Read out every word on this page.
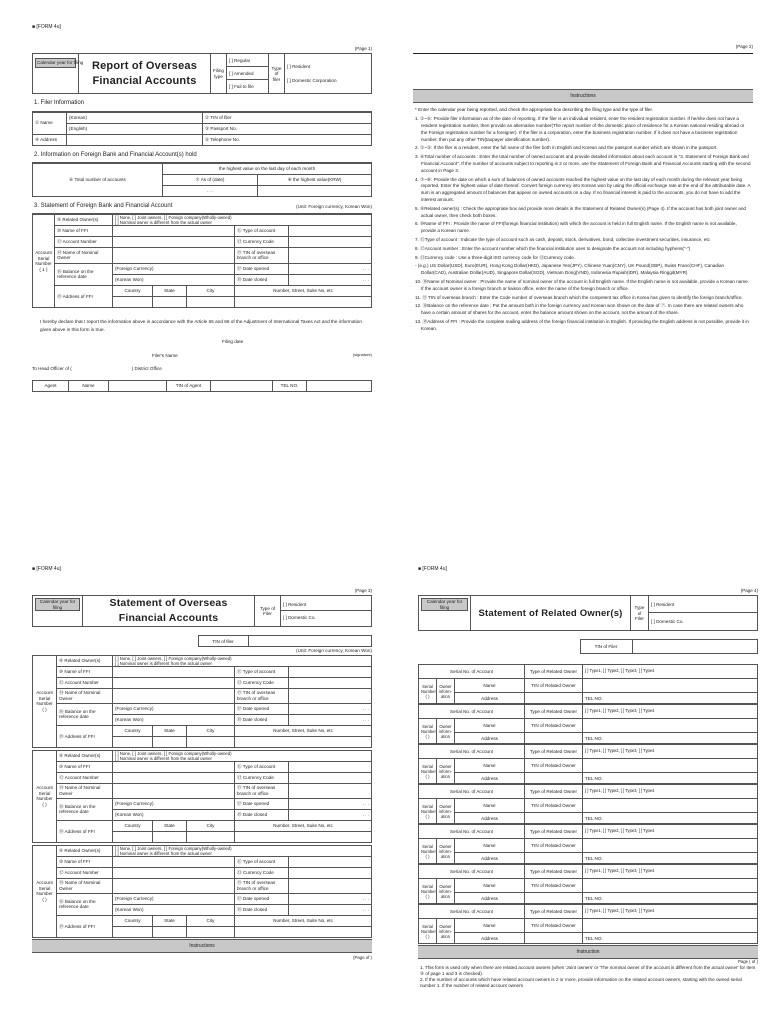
■ [FORM 4u]
(Page 1)
Calendar year for filing	Report of Overseas
Financial Accounts
	Filing type	
[ ] Regular
[ ] Amended
[ ] Fail to file
	Type of filer	
[ ] Resident
[ ] Domestic Corporation
1. Filer Information
① Name	(Korean)	② TIN of filer	
	(English)	③ Passport No.	
④ Address		⑤ Telephone No.	
2. Information on Foreign Bank and Financial Account(s) hold
⑥ Total number of accounts	the highest value on the last day of each month	
	⑦ As of (date)	⑧ the highest value(KRW)
	. . .	
3. Statement of Foreign Bank and Financial Account	(Unit: Foreign currency, Korean Won)
Account Serial Number ( 1 )	⑨ Related Owner(s)	[ ] None, [ ] Joint owners, [ ] Foreign company(Wholly-owned)
[ ] Nominal owner is different from the actual owner				

	⑩ Name of FFI				⑪ Type of account	
	⑫ Account Number				⑬ Currency Code	
	⑭ Name of Nominal Owner				⑮ TIN of overseas branch or office	
	⑯ Balance on the reference date	(Foreign Currency)			⑰ Date opened	. . .
		(Korean Won)			⑱ Date closed	. . .
	⑲ Address of FFI	Country	State	City	Number, Street, Suite No, etc	

I hereby declare that I report the information above in accordance with the Article 65 and 66 of the Adjustment of International Taxes Act and the information given above in this form is true.
Filing date
Filer's Name	(signature)
To Head Officer of (	) District Office
Agent	Name		TIN of Agent		TEL NO.	
(Page 2)
Instructions
* Enter the calendar year being reported, and check the appropriate box describing the filing type and the type of filer.
1. ①~⑤: Provide filer information as of the date of reporting. If the filer is an individual resident, enter the resident registration number. If he/she does not have a resident registration number, then provide an alternative number(The report number of the domestic place of residence for a Korean national residing abroad or the Foreign registration number for a foreigner). If the filer is a corporation, enter the business registration number. If it does not have a business registration number, then put any other TIN(taxpayer identification number).
2. ①~③: If the filer is a resident, enter the full name of the filer both in English and Korean and the passport number which are shown in the passport.
3. ⑥Total number of accounts : Enter the total number of owned accounts and provide detailed information about each account in "3. Statement of Foreign Bank and Financial Account". If the number of accounts subject to reporting is 2 or more, use the Statement of Foreign Bank and Financial Accounts starting with the second account in Page 3.
4. ⑦~⑧: Provide the date on which a sum of balances of owned accounts reached the highest value on the last day of each month during the relevant year being reported. Enter the highest value of date thereof. Convert foreign currency into Korean won by using the official exchange rate at the end of the attributable date. A sum is an aggregated amount of balances that appear on owned accounts on a day. If no financial interest is paid to the accounts, you do not have to add the interest amount.
5. ⑨Related owner(s) : Check the appropriate box and provide more details in the Statement of Related Owner(s) (Page 4). If the account has both joint owner and actual owner, then check both boxes.
6. ⑩Name of FFI : Provide the name of FFI(foreign financial institution) with which the account is held in full English name. If the English name is not available, provide a Korean name.
7. ⑪Type of account : Indicate the type of account such as cash, deposit, stock, derivatives, bond, collective investment securities, insurance, etc
8. ⑫Account number : Enter the account number which the financial institution uses to designate the account not including hyphens("-")
9. ⑬Currency code : Use a three-digit ISO currency code for ⑬Currency code.
- (e.g.) US Dollar(USD), Euro(EUR), Hong Kong Dollar(HKD), Japanese Yen(JPY), Chinese Yuan(CNY), UK Pound(GBP), Swiss Franc(CHF), Canadian Dollar(CAD), Australian Dollar(AUD), Singapore Dollar(SGD), Vietnam Dong(VND), Indonesia Rupiah(IDR), Malaysia Ringgit(MYR)
10. ⑭Name of Nominal owner : Provide the name of nominal owner of the account in full English name. If the English name is not available, provide a Korean name. If the account owner is a foreign branch or liaison office, enter the name of the foreign branch or office.
11. ⑮ TIN of overseas branch : Enter the Code number of overseas branch which the competent tax office in Korea has given to identify the foreign branch/office.
12. ⑯Balance on the reference date : Put the amount both in the foreign currency and Korean won shown on the date of ⑦. In case there are related owners who have a certain amount of shares for the account, enter the balance amount shown on the account, not the amount of the share.
13. ⑲Address of FFI : Provide the complete mailing address of the foreign financial institution in English. If providing the English address is not possible, provide it in Korean.
■ [FORM 4u]
(Page 3)
Calendar year for filing	Statement of Overseas
Financial Accounts
	Type of Filer	
[ ] Resident
[ ] Domestic Co.
	TIN of filer	
(Unit: Foreign currency, Korean Won)
Account Serial Number ( )	⑨ Related Owner(s)	[ ] None, [ ] Joint owners, [ ] Foreign company(Wholly-owned)
[ ] Nominal owner is different from the actual owner				

	⑩ Name of FFI				⑪ Type of account	
	⑫ Account Number				⑬ Currency Code	
	⑭ Name of Nominal Owner				⑮ TIN of overseas branch or office	
	⑯ Balance on the reference date	(Foreign Currency)			⑰ Date opened	. . .
		(Korean Won)			⑱ Date closed	. . .
	⑲ Address of FFI	Country	State	City	Number, Street, Suite No, etc	

Account Serial Number ( )	⑨ Related Owner(s)	[ ] None, [ ] Joint owners, [ ] Foreign company(Wholly-owned)
[ ] Nominal owner is different from the actual owner				

	⑩ Name of FFI				⑪ Type of account	
	⑫ Account Number				⑬ Currency Code	
	⑭ Name of Nominal Owner				⑮ TIN of overseas branch or office	
	⑯ Balance on the reference date	(Foreign Currency)			⑰ Date opened	. . .
		(Korean Won)			⑱ Date closed	. . .
	⑲ Address of FFI	Country	State	City	Number, Street, Suite No, etc	

Account Serial Number ( )	⑨ Related Owner(s)	[ ] None, [ ] Joint owners, [ ] Foreign company(Wholly-owned)
[ ] Nominal owner is different from the actual owner				

	⑩ Name of FFI				⑪ Type of account	
	⑫ Account Number				⑬ Currency Code	
	⑭ Name of Nominal Owner				⑮ TIN of overseas branch or office	
	⑯ Balance on the reference date	(Foreign Currency)			⑰ Date opened	. . .
		(Korean Won)			⑱ Date closed	. . .
	⑲ Address of FFI	Country	State	City	Number, Street, Suite No, etc	

Instructions
(Page of )
■ [FORM 4u]
(Page 4)
Calendar year for filing
	Statement of Related Owner(s)	Type of Filer	
[ ] Resident
[ ] Domestic Co.
	TIN of Filer	
Serial No. of Account			Type of Related Owner	[ ] Type1, [ ] Type2, [ ] Type3, [ ] Type4
Serial Number ( )	Owner inform-ation	Name	TIN of Related Owner	
		Address		TEL NO.
Serial No. of Account			Type of Related Owner	[ ] Type1, [ ] Type2, [ ] Type3, [ ] Type4
Serial Number ( )	Owner inform-ation	Name	TIN of Related Owner	
		Address		TEL NO.
Serial No. of Account			Type of Related Owner	[ ] Type1, [ ] Type2, [ ] Type3, [ ] Type4
Serial Number ( )	Owner inform-ation	Name	TIN of Related Owner	
		Address		TEL NO.
Serial No. of Account			Type of Related Owner	[ ] Type1, [ ] Type2, [ ] Type3, [ ] Type4
Serial Number ( )	Owner inform-ation	Name	TIN of Related Owner	
		Address		TEL NO.
Serial No. of Account			Type of Related Owner	[ ] Type1, [ ] Type2, [ ] Type3, [ ] Type4
Serial Number ( )	Owner inform-ation	Name	TIN of Related Owner	
		Address		TEL NO.
Serial No. of Account			Type of Related Owner	[ ] Type1, [ ] Type2, [ ] Type3, [ ] Type4
Serial Number ( )	Owner inform-ation	Name	TIN of Related Owner	
		Address		TEL NO.
Serial No. of Account			Type of Related Owner	[ ] Type1, [ ] Type2, [ ] Type3, [ ] Type4
Serial Number ( )	Owner inform-ation	Name	TIN of Related Owner	
		Address		TEL NO.
Instruction
Page ( of )
1. This form is used only when there are related account owners (when 'Joint owners' or 'The nominal owner of the account is different from the actual owner' for Item ⑨ of page 1 and 3 is checked).
2. If the number of accounts which have related account owners is 2 or more, provide information on the related account owners, starting with the owned serial number 1. If the number of related account owners
